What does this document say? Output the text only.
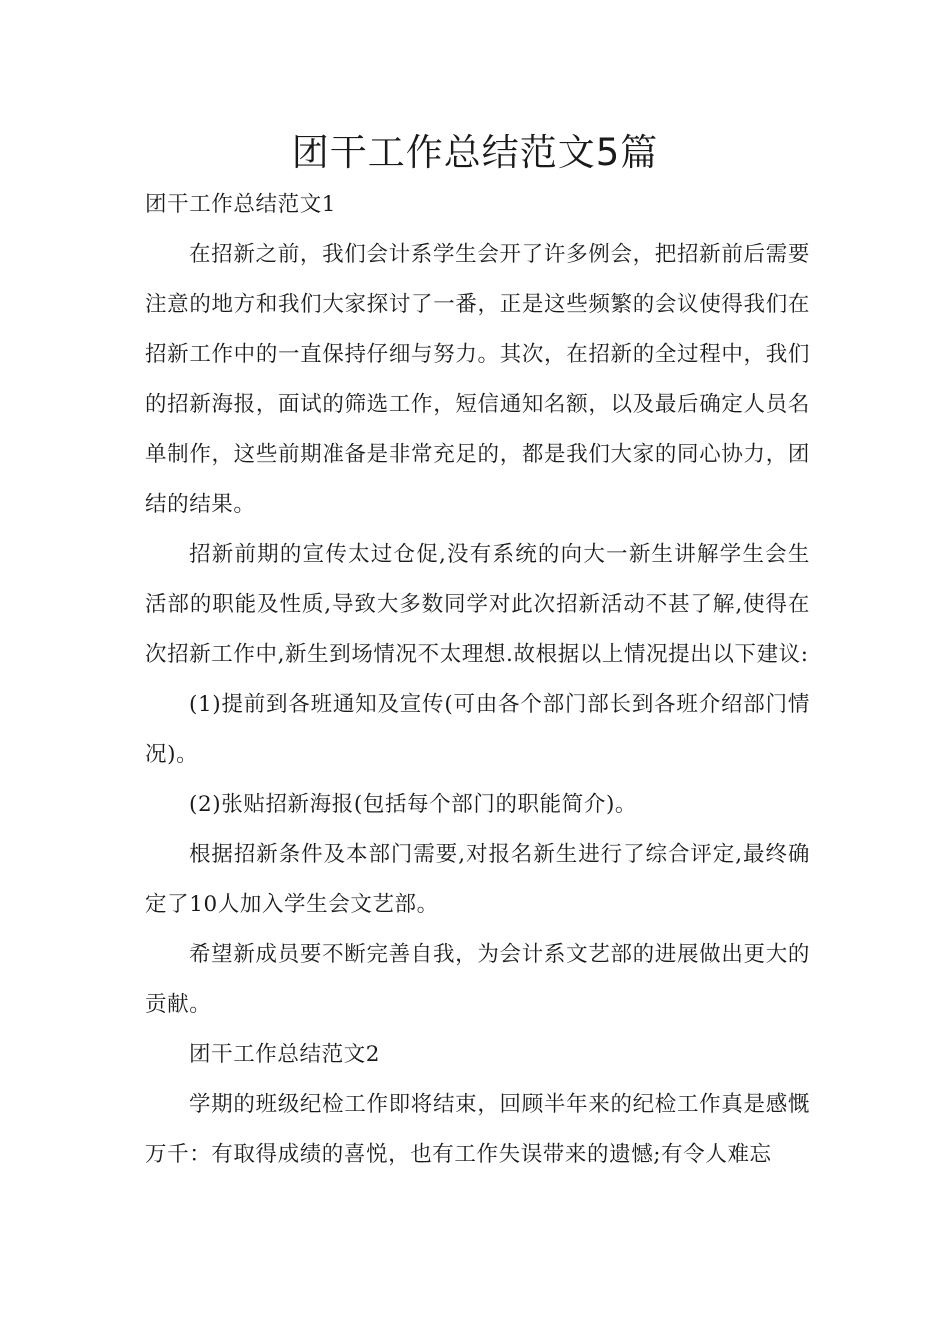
团干工作总结范文5篇

团干工作总结范文1

在招新之前，我们会计系学生会开了许多例会，把招新前后需要注意的地方和我们大家探讨了一番，正是这些频繁的会议使得我们在招新工作中的一直保持仔细与努力。其次，在招新的全过程中，我们的招新海报，面试的筛选工作，短信通知名额，以及最后确定人员名单制作，这些前期准备是非常充足的，都是我们大家的同心协力，团结的结果。

招新前期的宣传太过仓促,没有系统的向大一新生讲解学生会生活部的职能及性质,导致大多数同学对此次招新活动不甚了解,使得在次招新工作中,新生到场情况不太理想.故根据以上情况提出以下建议:

(1)提前到各班通知及宣传(可由各个部门部长到各班介绍部门情况)。

(2)张贴招新海报(包括每个部门的职能简介)。

根据招新条件及本部门需要,对报名新生进行了综合评定,最终确定了10人加入学生会文艺部。

希望新成员要不断完善自我，为会计系文艺部的进展做出更大的贡献。

团干工作总结范文2

学期的班级纪检工作即将结束，回顾半年来的纪检工作真是感慨万千：有取得成绩的喜悦，也有工作失误带来的遗憾;有令人难忘
